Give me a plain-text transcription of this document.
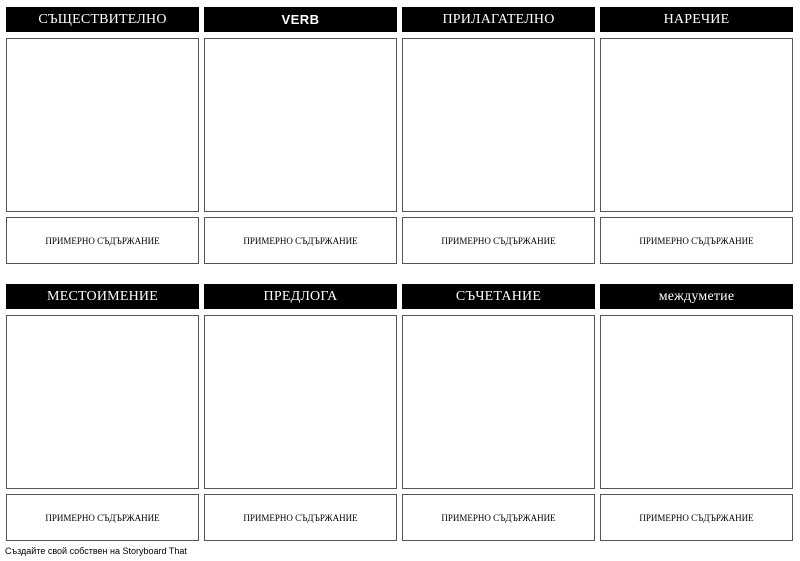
СЪЩЕСТВИТЕЛНО	VERB	ПРИЛАГАТЕЛНО	НАРЕЧИЕ
ПРИМЕРНО СЪДЪРЖАНИЕ	ПРИМЕРНО СЪДЪРЖАНИЕ	ПРИМЕРНО СЪДЪРЖАНИЕ	ПРИМЕРНО СЪДЪРЖАНИЕ
МЕСТОИМЕНИЕ	ПРЕДЛОГА	СЪЧЕТАНИЕ	междуметие
ПРИМЕРНО СЪДЪРЖАНИЕ	ПРИМЕРНО СЪДЪРЖАНИЕ	ПРИМЕРНО СЪДЪРЖАНИЕ	ПРИМЕРНО СЪДЪРЖАНИЕ
Създайте свой собствен на Storyboard That
